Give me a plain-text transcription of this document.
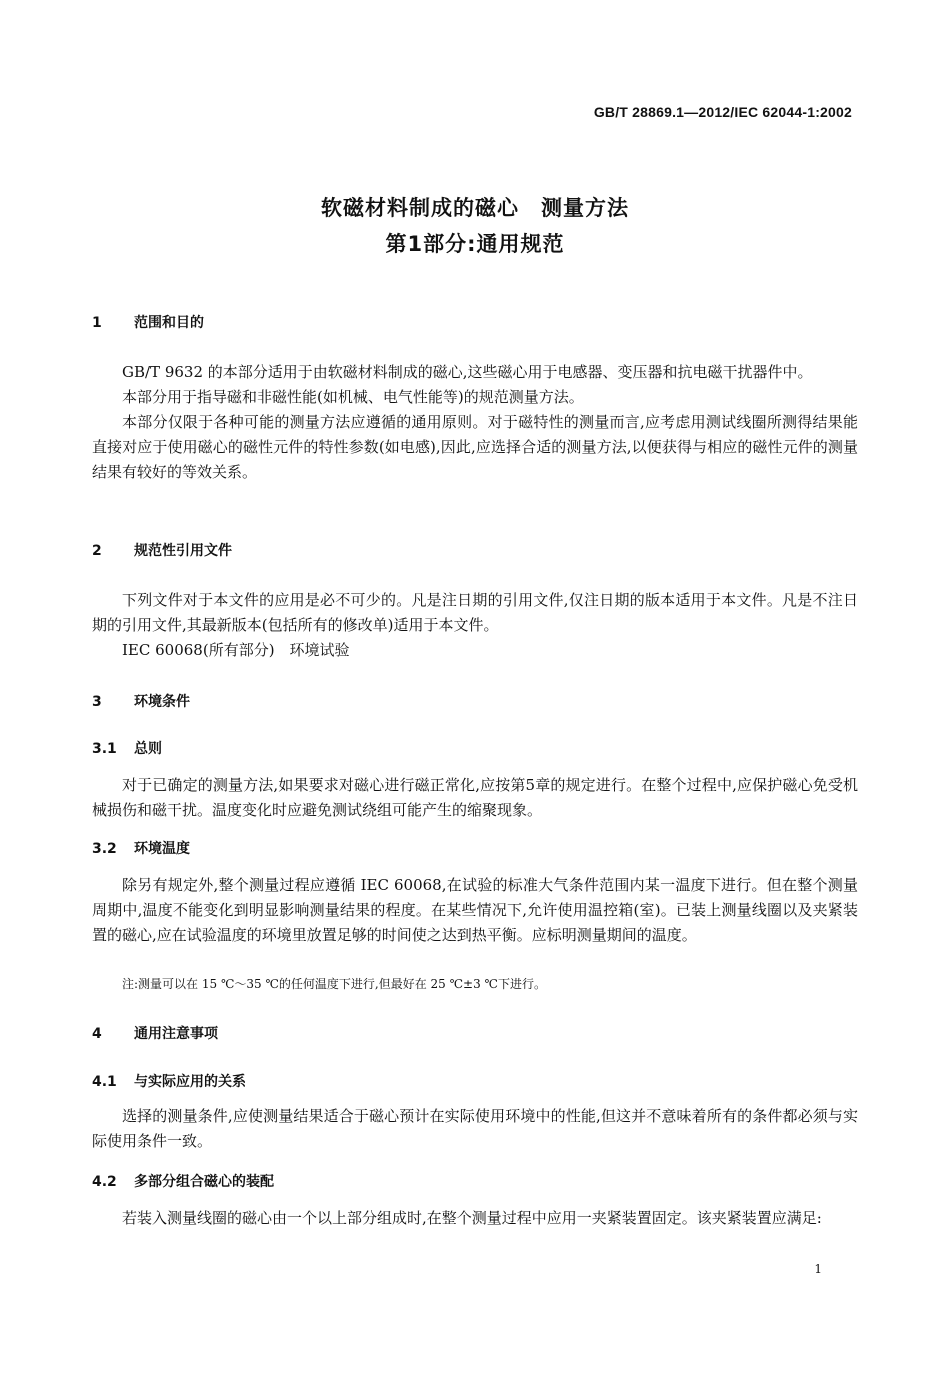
GB/T 28869.1—2012/IEC 62044-1:2002
软磁材料制成的磁心　测量方法
第1部分:通用规范
1 范围和目的

GB/T 9632 的本部分适用于由软磁材料制成的磁心,这些磁心用于电感器、变压器和抗电磁干扰器件中。

本部分用于指导磁和非磁性能(如机械、电气性能等)的规范测量方法。

本部分仅限于各种可能的测量方法应遵循的通用原则。对于磁特性的测量而言,应考虑用测试线圈所测得结果能直接对应于使用磁心的磁性元件的特性参数(如电感),因此,应选择合适的测量方法,以便获得与相应的磁性元件的测量结果有较好的等效关系。

2 规范性引用文件

下列文件对于本文件的应用是必不可少的。凡是注日期的引用文件,仅注日期的版本适用于本文件。凡是不注日期的引用文件,其最新版本(包括所有的修改单)适用于本文件。

IEC 60068(所有部分)　环境试验

3 环境条件
3.1 总则

对于已确定的测量方法,如果要求对磁心进行磁正常化,应按第5章的规定进行。在整个过程中,应保护磁心免受机械损伤和磁干扰。温度变化时应避免测试绕组可能产生的缩聚现象。

3.2 环境温度

除另有规定外,整个测量过程应遵循 IEC 60068,在试验的标准大气条件范围内某一温度下进行。但在整个测量周期中,温度不能变化到明显影响测量结果的程度。在某些情况下,允许使用温控箱(室)。已装上测量线圈以及夹紧装置的磁心,应在试验温度的环境里放置足够的时间使之达到热平衡。应标明测量期间的温度。

注:测量可以在 15 ℃～35 ℃的任何温度下进行,但最好在 25 ℃±3 ℃下进行。
4 通用注意事项
4.1 与实际应用的关系

选择的测量条件,应使测量结果适合于磁心预计在实际使用环境中的性能,但这并不意味着所有的条件都必须与实际使用条件一致。

4.2 多部分组合磁心的装配

若装入测量线圈的磁心由一个以上部分组成时,在整个测量过程中应用一夹紧装置固定。该夹紧装置应满足:

1
